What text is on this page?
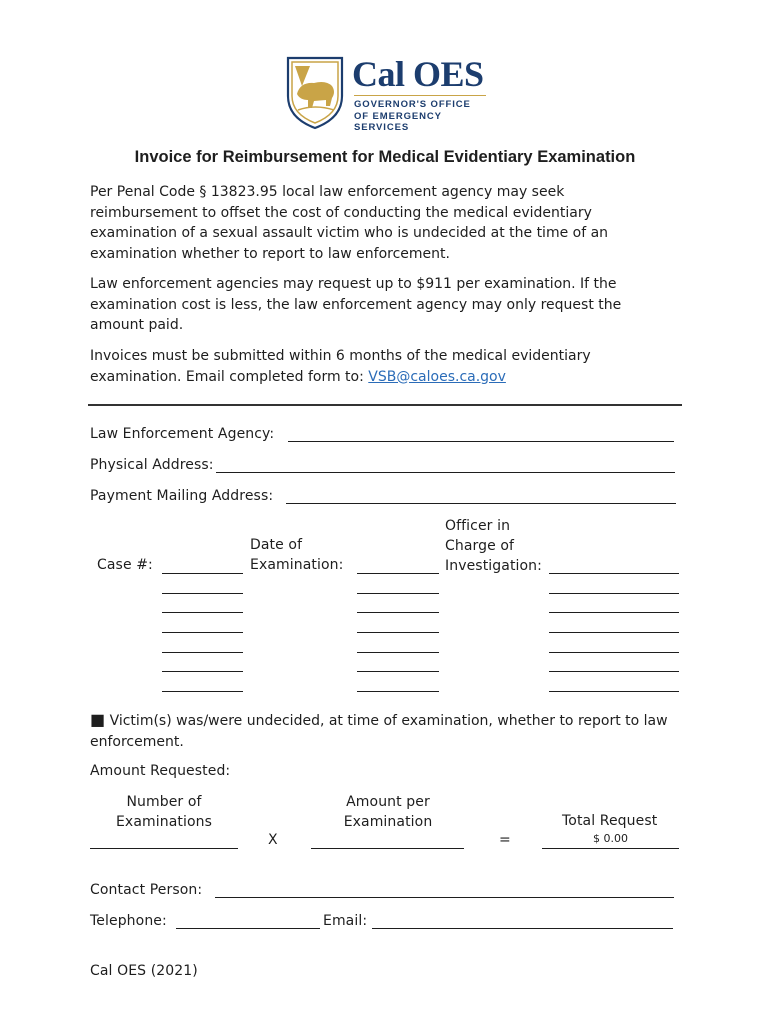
Cal OES
GOVERNOR'S OFFICE
OF EMERGENCY SERVICES
Invoice for Reimbursement for Medical Evidentiary Examination
Per Penal Code § 13823.95 local law enforcement agency may seek reimbursement to offset the cost of conducting the medical evidentiary examination of a sexual assault victim who is undecided at the time of an examination whether to report to law enforcement.
Law enforcement agencies may request up to $911 per examination. If the examination cost is less, the law enforcement agency may only request the amount paid.
Invoices must be submitted within 6 months of the medical evidentiary examination. Email completed form to: VSB@caloes.ca.gov
Law Enforcement Agency:
Physical Address:
Payment Mailing Address:
Case #:
Date of
Examination:
Officer in
Charge of
Investigation:
■ Victim(s) was/were undecided, at time of examination, whether to report to law enforcement.
Amount Requested:
Number of
Examinations
X
Amount per
Examination
=
Total Request
$ 0.00
Contact Person:
Telephone:	Email:
Cal OES (2021)
